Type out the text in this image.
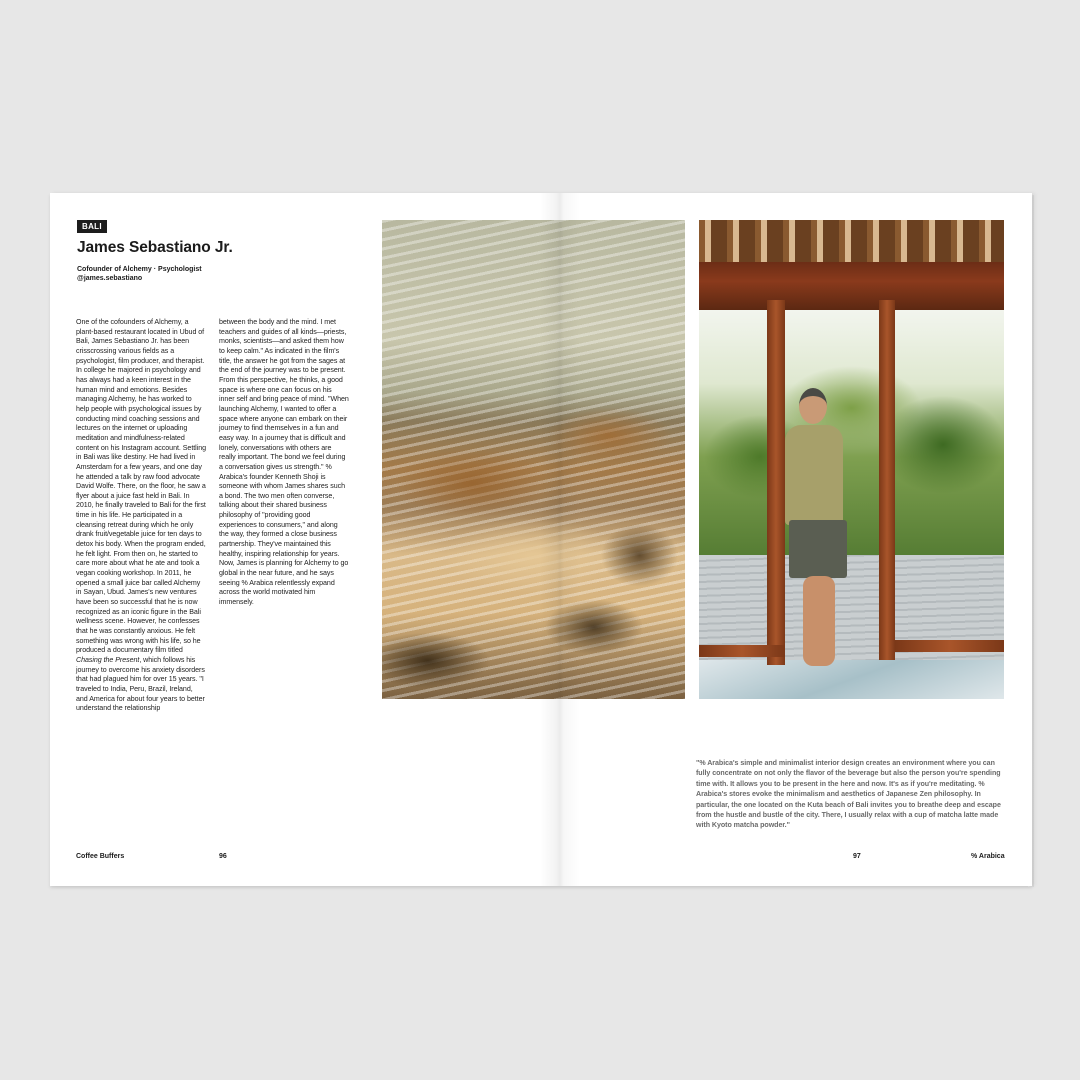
BALI
James Sebastiano Jr.
Cofounder of Alchemy · Psychologist
@james.sebastiano
One of the cofounders of Alchemy, a plant-based restaurant located in Ubud of Bali, James Sebastiano Jr. has been crisscrossing various fields as a psychologist, film producer, and therapist. In college he majored in psychology and has always had a keen interest in the human mind and emotions. Besides managing Alchemy, he has worked to help people with psychological issues by conducting mind coaching sessions and lectures on the internet or uploading meditation and mindfulness-related content on his Instagram account. Settling in Bali was like destiny. He had lived in Amsterdam for a few years, and one day he attended a talk by raw food advocate David Wolfe. There, on the floor, he saw a flyer about a juice fast held in Bali. In 2010, he finally traveled to Bali for the first time in his life. He participated in a cleansing retreat during which he only drank fruit/vegetable juice for ten days to detox his body. When the program ended, he felt light. From then on, he started to care more about what he ate and took a vegan cooking workshop. In 2011, he opened a small juice bar called Alchemy in Sayan, Ubud. James's new ventures have been so successful that he is now recognized as an iconic figure in the Bali wellness scene. However, he confesses that he was constantly anxious. He felt something was wrong with his life, so he produced a documentary film titled Chasing the Present, which follows his journey to overcome his anxiety disorders that had plagued him for over 15 years. "I traveled to India, Peru, Brazil, Ireland, and America for about four years to better understand the relationship
between the body and the mind. I met teachers and guides of all kinds—priests, monks, scientists—and asked them how to keep calm." As indicated in the film's title, the answer he got from the sages at the end of the journey was to be present. From this perspective, he thinks, a good space is where one can focus on his inner self and bring peace of mind. "When launching Alchemy, I wanted to offer a space where anyone can embark on their journey to find themselves in a fun and easy way. In a journey that is difficult and lonely, conversations with others are really important. The bond we feel during a conversation gives us strength." % Arabica's founder Kenneth Shoji is someone with whom James shares such a bond. The two men often converse, talking about their shared business philosophy of "providing good experiences to consumers," and along the way, they formed a close business partnership. They've maintained this healthy, inspiring relationship for years. Now, James is planning for Alchemy to go global in the near future, and he says seeing % Arabica relentlessly expand across the world motivated him immensely.
Coffee Buffers	96
"% Arabica's simple and minimalist interior design creates an environment where you can fully concentrate on not only the flavor of the beverage but also the person you're spending time with. It allows you to be present in the here and now. It's as if you're meditating. % Arabica's stores evoke the minimalism and aesthetics of Japanese Zen philosophy. In particular, the one located on the Kuta beach of Bali invites you to breathe deep and escape from the hustle and bustle of the city. There, I usually relax with a cup of matcha latte made with Kyoto matcha powder."
97	% Arabica
